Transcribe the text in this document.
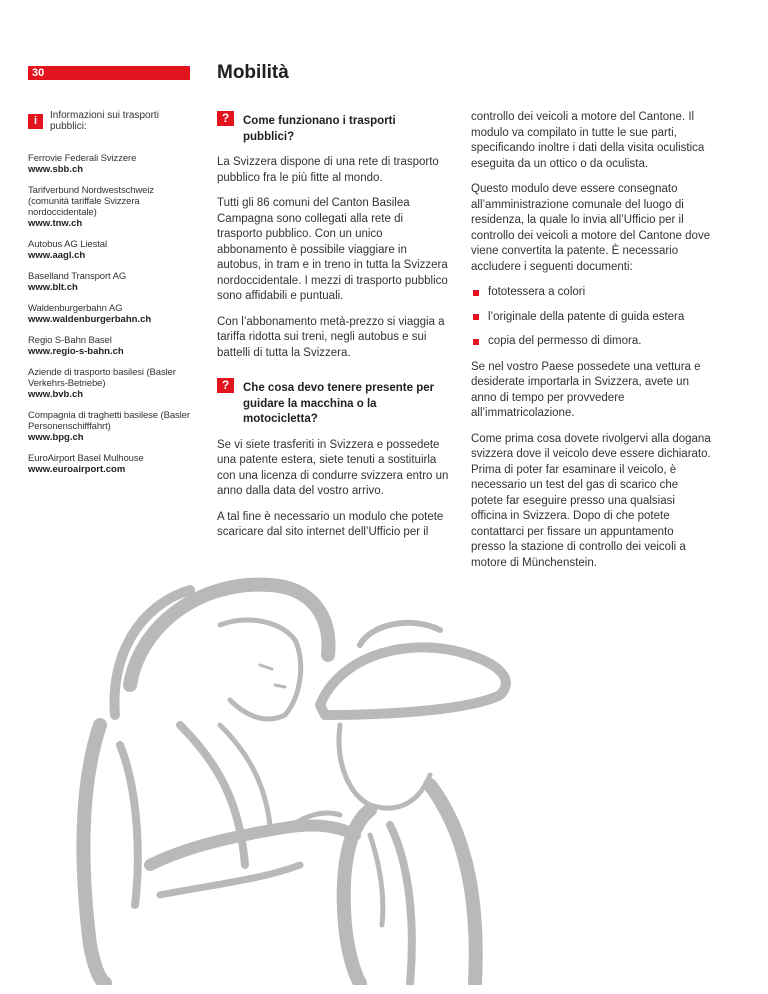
30	Mobilità
i	Informazioni sui trasporti pubblici:
Ferrovie Federali Svizzere
www.sbb.ch
Tarifverbund Nordwestschweiz (comunità tariffale Svizzera nordoccidentale)
www.tnw.ch
Autobus AG Liestal
www.aagl.ch
Baselland Transport AG
www.blt.ch
Waldenburgerbahn AG
www.waldenburgerbahn.ch
Regio S-Bahn Basel
www.regio-s-bahn.ch
Aziende di trasporto basilesi (Basler Verkehrs-Betriebe)
www.bvb.ch
Compagnia di traghetti basilese (Basler Personenschifffahrt)
www.bpg.ch
EuroAirport Basel Mulhouse
www.euroairport.com
?	Come funzionano i trasporti pubblici?

La Svizzera dispone di una rete di trasporto pubblico fra le più fitte al mondo.

Tutti gli 86 comuni del Canton Basilea Campagna sono collegati alla rete di trasporto pubblico. Con un unico abbonamento è possibile viaggiare in autobus, in tram e in treno in tutta la Svizzera nordoccidentale. I mezzi di trasporto pubblico sono affidabili e puntuali.

Con l’abbonamento metà-prezzo si viaggia a tariffa ridotta sui treni, negli autobus e sui battelli di tutta la Svizzera.

?	Che cosa devo tenere presente per guidare la macchina o la motocicletta?

Se vi siete trasferiti in Svizzera e possedete una patente estera, siete tenuti a sostituirla con una licenza di condurre svizzera entro un anno dalla data del vostro arrivo.

A tal fine è necessario un modulo che potete scaricare dal sito internet dell’Ufficio per il

controllo dei veicoli a motore del Cantone. Il modulo va compilato in tutte le sue parti, specificando inoltre i dati della visita oculistica eseguita da un ottico o da oculista.

Questo modulo deve essere consegnato all’amministrazione comunale del luogo di residenza, la quale lo invia all’Ufficio per il controllo dei veicoli a motore del Cantone dove viene convertita la patente. È necessario accludere i seguenti documenti:

fototessera a colori
l’originale della patente di guida estera
copia del permesso di dimora.

Se nel vostro Paese possedete una vettura e desiderate importarla in Svizzera, avete un anno di tempo per provvedere all’immatricolazione.

Come prima cosa dovete rivolgervi alla dogana svizzera dove il veicolo deve essere dichiarato. Prima di poter far esaminare il veicolo, è necessario un test del gas di scarico che potete far eseguire presso una qualsiasi officina in Svizzera. Dopo di che potete contattarci per fissare un appuntamento presso la stazione di controllo dei veicoli a motore di Münchenstein.
